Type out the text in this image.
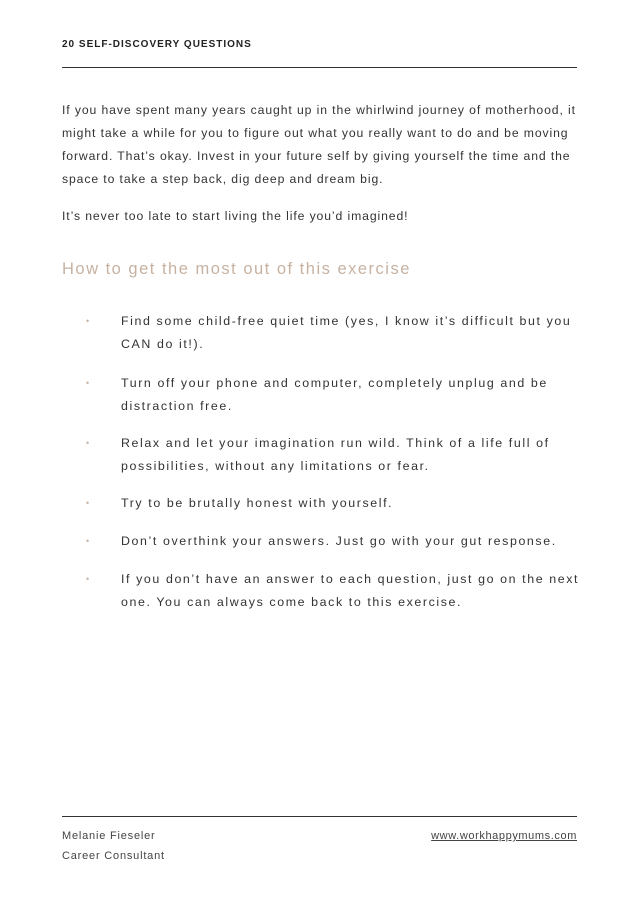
20 SELF-DISCOVERY QUESTIONS

If you have spent many years caught up in the whirlwind journey of motherhood, it might take a while for you to figure out what you really want to do and be moving forward. That’s okay. Invest in your future self by giving yourself the time and the space to take a step back, dig deep and dream big.

It’s never too late to start living the life you’d imagined!

How to get the most out of this exercise
•	Find some child-free quiet time (yes, I know it’s difficult but you CAN do it!).
•	Turn off your phone and computer, completely unplug and be distraction free.
•	Relax and let your imagination run wild. Think of a life full of possibilities, without any limitations or fear.
•	Try to be brutally honest with yourself.
•	Don’t overthink your answers. Just go with your gut response.
•	If you don’t have an answer to each question, just go on the next one. You can always come back to this exercise.
Melanie Fieseler
Career Consultant
www.workhappymums.com
